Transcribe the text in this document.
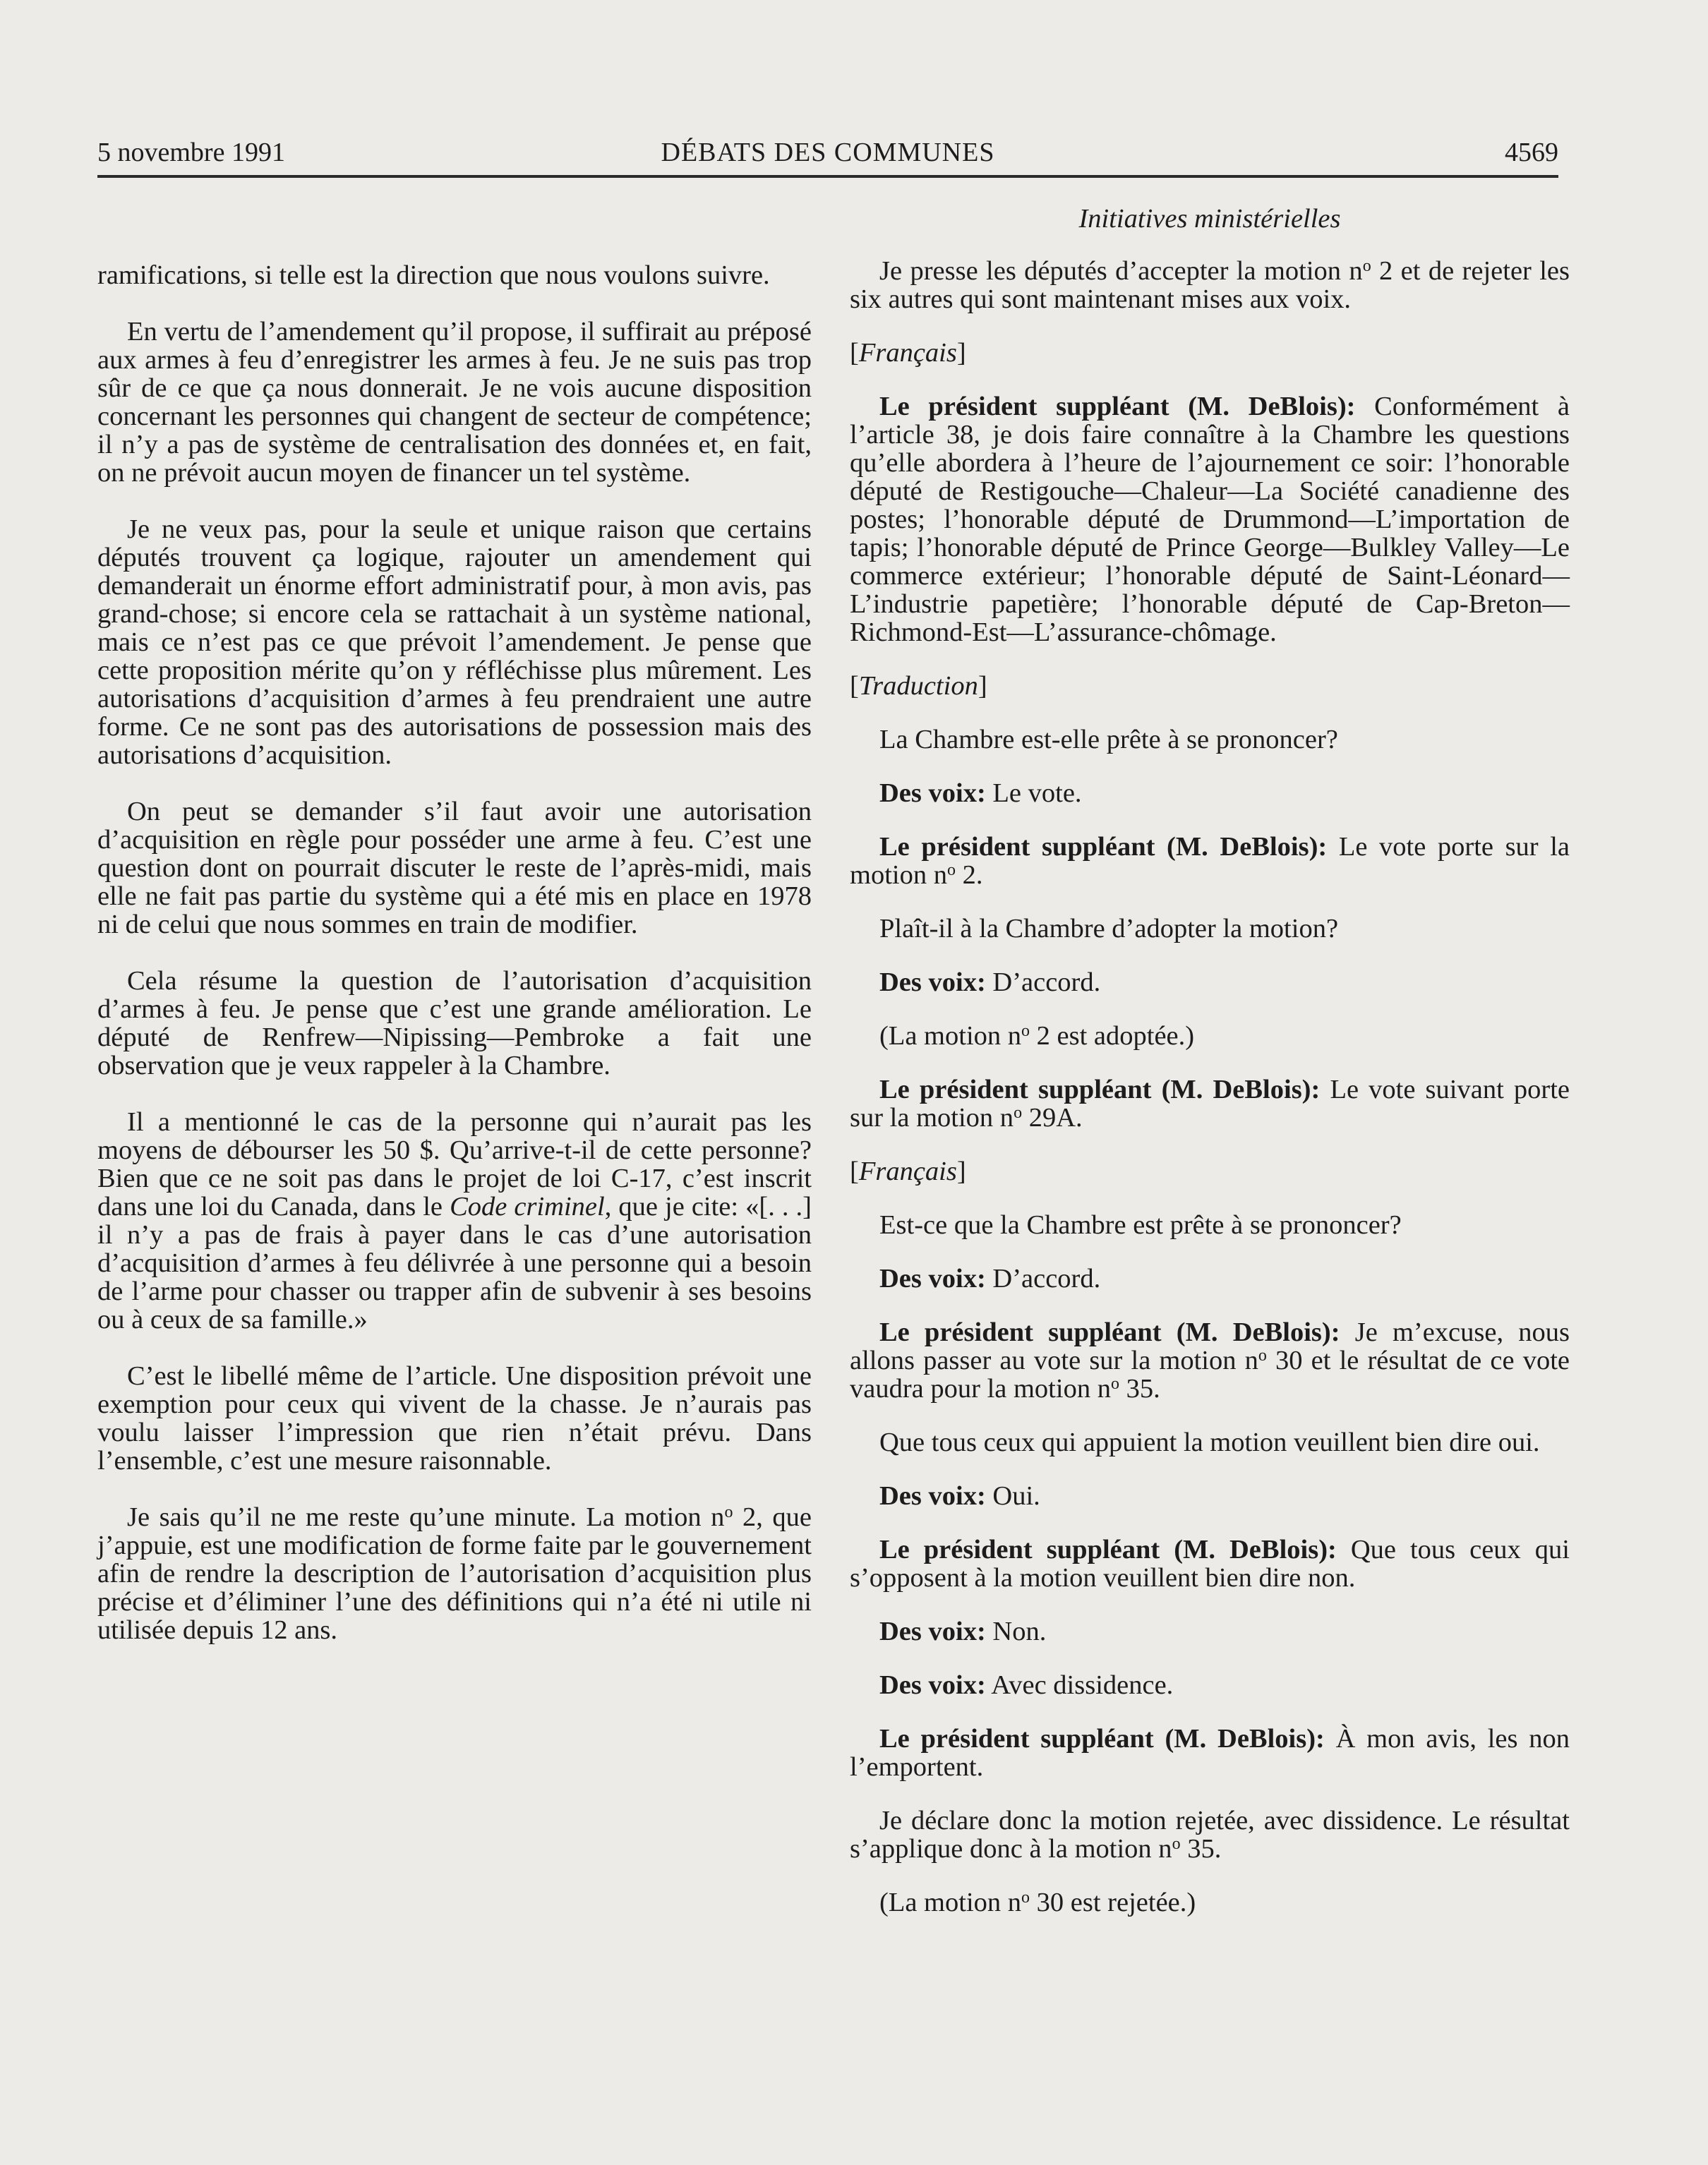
5 novembre 1991	DÉBATS DES COMMUNES	4569

ramifications, si telle est la direction que nous voulons suivre.

En vertu de l’amendement qu’il propose, il suffirait au préposé aux armes à feu d’enregistrer les armes à feu. Je ne suis pas trop sûr de ce que ça nous donnerait. Je ne vois aucune disposition concernant les personnes qui changent de secteur de compétence; il n’y a pas de système de centralisation des données et, en fait, on ne prévoit aucun moyen de financer un tel système.

Je ne veux pas, pour la seule et unique raison que certains députés trouvent ça logique, rajouter un amendement qui demanderait un énorme effort administratif pour, à mon avis, pas grand-chose; si encore cela se rattachait à un système national, mais ce n’est pas ce que prévoit l’amendement. Je pense que cette proposition mérite qu’on y réfléchisse plus mûrement. Les autorisations d’acquisition d’armes à feu prendraient une autre forme. Ce ne sont pas des autorisations de possession mais des autorisations d’acquisition.

On peut se demander s’il faut avoir une autorisation d’acquisition en règle pour posséder une arme à feu. C’est une question dont on pourrait discuter le reste de l’après-midi, mais elle ne fait pas partie du système qui a été mis en place en 1978 ni de celui que nous sommes en train de modifier.

Cela résume la question de l’autorisation d’acquisition d’armes à feu. Je pense que c’est une grande amélioration. Le député de Renfrew—Nipissing—Pembroke a fait une observation que je veux rappeler à la Chambre.

Il a mentionné le cas de la personne qui n’aurait pas les moyens de débourser les 50 $. Qu’arrive-t-il de cette personne? Bien que ce ne soit pas dans le projet de loi C-17, c’est inscrit dans une loi du Canada, dans le Code criminel, que je cite: «[. . .] il n’y a pas de frais à payer dans le cas d’une autorisation d’acquisition d’armes à feu délivrée à une personne qui a besoin de l’arme pour chasser ou trapper afin de subvenir à ses besoins ou à ceux de sa famille.»

C’est le libellé même de l’article. Une disposition prévoit une exemption pour ceux qui vivent de la chasse. Je n’aurais pas voulu laisser l’impression que rien n’était prévu. Dans l’ensemble, c’est une mesure raisonnable.

Je sais qu’il ne me reste qu’une minute. La motion $n^o$ 2, que j’appuie, est une modification de forme faite par le gouvernement afin de rendre la description de l’autorisation d’acquisition plus précise et d’éliminer l’une des définitions qui n’a été ni utile ni utilisée depuis 12 ans.

Initiatives ministérielles

Je presse les députés d’accepter la motion $n^o$ 2 et de rejeter les six autres qui sont maintenant mises aux voix.

[Français]

Le président suppléant (M. DeBlois): Conformément à l’article 38, je dois faire connaître à la Chambre les questions qu’elle abordera à l’heure de l’ajournement ce soir: l’honorable député de Restigouche—Chaleur—La Société canadienne des postes; l’honorable député de Drummond—L’importation de tapis; l’honorable député de Prince George—Bulkley Valley—Le commerce extérieur; l’honorable député de Saint-Léonard—L’industrie papetière; l’honorable député de Cap-Breton—Richmond-Est—L’assurance-chômage.

[Traduction]

La Chambre est-elle prête à se prononcer?

Des voix: Le vote.

Le président suppléant (M. DeBlois): Le vote porte sur la motion $n^o$ 2.

Plaît-il à la Chambre d’adopter la motion?

Des voix: D’accord.

(La motion $n^o$ 2 est adoptée.)

Le président suppléant (M. DeBlois): Le vote suivant porte sur la motion $n^o$ 29A.

[Français]

Est-ce que la Chambre est prête à se prononcer?

Des voix: D’accord.

Le président suppléant (M. DeBlois): Je m’excuse, nous allons passer au vote sur la motion $n^o$ 30 et le résultat de ce vote vaudra pour la motion $n^o$ 35.

Que tous ceux qui appuient la motion veuillent bien dire oui.

Des voix: Oui.

Le président suppléant (M. DeBlois): Que tous ceux qui s’opposent à la motion veuillent bien dire non.

Des voix: Non.

Des voix: Avec dissidence.

Le président suppléant (M. DeBlois): À mon avis, les non l’emportent.

Je déclare donc la motion rejetée, avec dissidence. Le résultat s’applique donc à la motion $n^o$ 35.

(La motion $n^o$ 30 est rejetée.)
